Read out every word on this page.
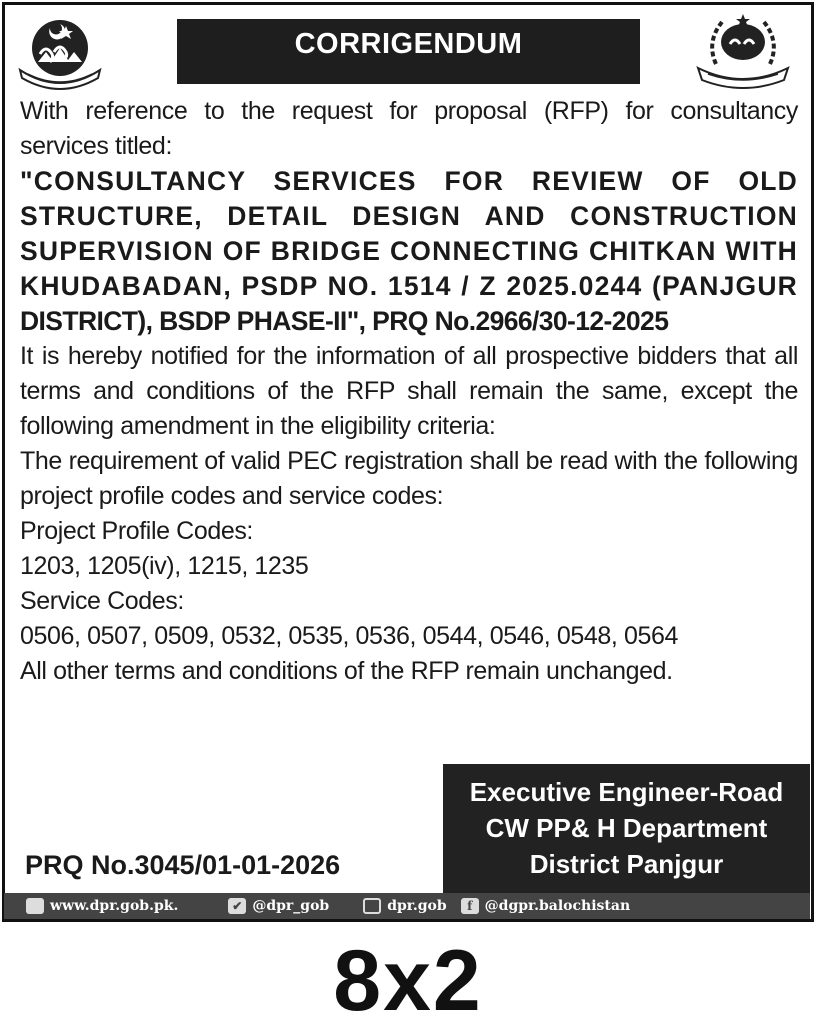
CORRIGENDUM

With reference to the request for proposal (RFP) for consultancy services titled:

"CONSULTANCY SERVICES FOR REVIEW OF OLD STRUCTURE, DETAIL DESIGN AND CONSTRUCTION SUPERVISION OF BRIDGE CONNECTING CHITKAN WITH KHUDABADAN, PSDP NO. 1514 / Z 2025.0244 (PANJGUR DISTRICT), BSDP PHASE-II", PRQ No.2966/30-12-2025

It is hereby notified for the information of all prospective bidders that all terms and conditions of the RFP shall remain the same, except the following amendment in the eligibility criteria:

The requirement of valid PEC registration shall be read with the following project profile codes and service codes:

Project Profile Codes:

1203, 1205(iv), 1215, 1235

Service Codes:

0506, 0507, 0509, 0532, 0535, 0536, 0544, 0546, 0548, 0564

All other terms and conditions of the RFP remain unchanged.

Executive Engineer-Road
CW PP& H Department
District Panjgur
PRQ No.3045/01-01-2026
www.dpr.gob.pk.	✔ @dpr_gob	dpr.gob	f @dgpr.balochistan
8x2
